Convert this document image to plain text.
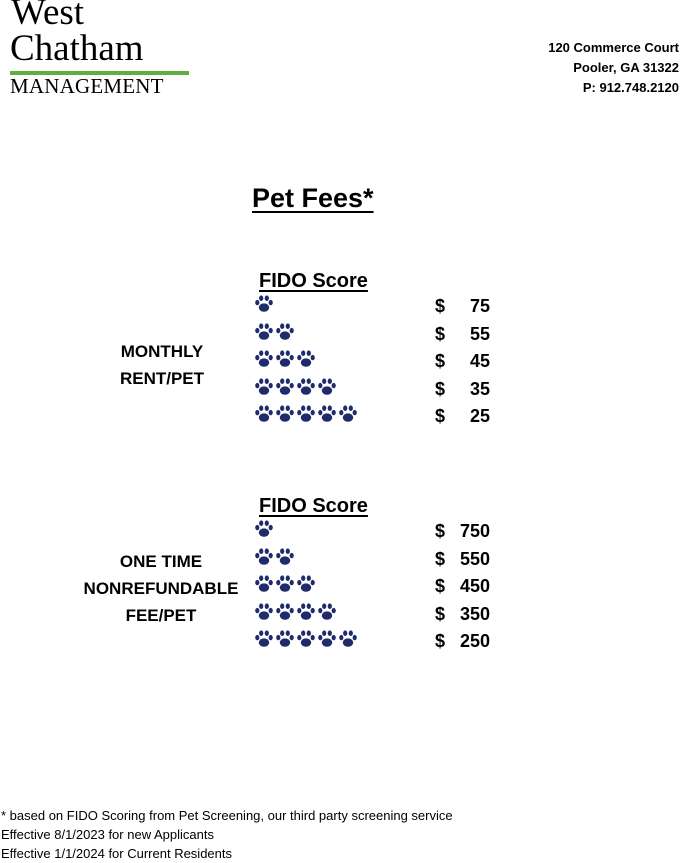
West
Chatham
MANAGEMENT
120 Commerce Court
Pooler, GA 31322
P: 912.748.2120
Pet Fees*
MONTHLY
RENT/PET
FIDO Score
$ 75
$ 55
$ 45
$ 35
$ 25
ONE TIME
NONREFUNDABLE
FEE/PET
FIDO Score
$ 750
$ 550
$ 450
$ 350
$ 250
* based on FIDO Scoring from Pet Screening, our third party screening service
Effective 8/1/2023 for new Applicants
Effective 1/1/2024 for Current Residents
